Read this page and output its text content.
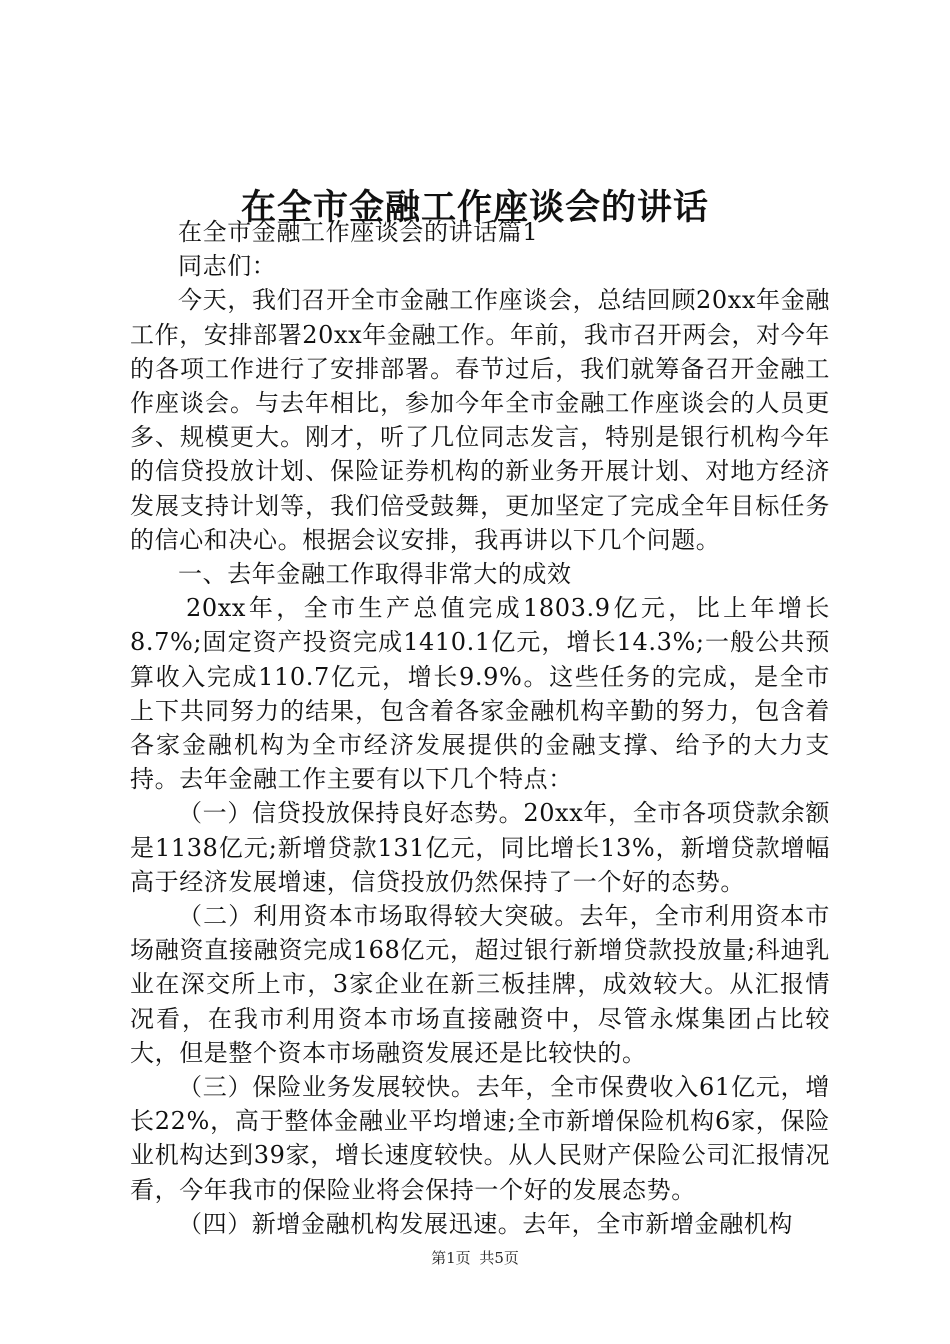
在全市金融工作座谈会的讲话

在全市金融工作座谈会的讲话篇1

同志们：

今天，我们召开全市金融工作座谈会，总结回顾20xx年金融工作，安排部署20xx年金融工作。年前，我市召开两会，对今年的各项工作进行了安排部署。春节过后，我们就筹备召开金融工作座谈会。与去年相比，参加今年全市金融工作座谈会的人员更多、规模更大。刚才，听了几位同志发言，特别是银行机构今年的信贷投放计划、保险证券机构的新业务开展计划、对地方经济发展支持计划等，我们倍受鼓舞，更加坚定了完成全年目标任务的信心和决心。根据会议安排，我再讲以下几个问题。

一、去年金融工作取得非常大的成效

20xx年，全市生产总值完成1803.9亿元，比上年增长8.7%;固定资产投资完成1410.1亿元，增长14.3%;一般公共预算收入完成110.7亿元，增长9.9%。这些任务的完成，是全市上下共同努力的结果，包含着各家金融机构辛勤的努力，包含着各家金融机构为全市经济发展提供的金融支撑、给予的大力支持。去年金融工作主要有以下几个特点：

（一）信贷投放保持良好态势。20xx年，全市各项贷款余额是1138亿元;新增贷款131亿元，同比增长13%，新增贷款增幅高于经济发展增速，信贷投放仍然保持了一个好的态势。

（二）利用资本市场取得较大突破。去年，全市利用资本市场融资直接融资完成168亿元，超过银行新增贷款投放量;科迪乳业在深交所上市，3家企业在新三板挂牌，成效较大。从汇报情况看，在我市利用资本市场直接融资中，尽管永煤集团占比较大，但是整个资本市场融资发展还是比较快的。

（三）保险业务发展较快。去年，全市保费收入61亿元，增长22%，高于整体金融业平均增速;全市新增保险机构6家，保险业机构达到39家，增长速度较快。从人民财产保险公司汇报情况看，今年我市的保险业将会保持一个好的发展态势。

（四）新增金融机构发展迅速。去年，全市新增金融机构

第1页 共5页
